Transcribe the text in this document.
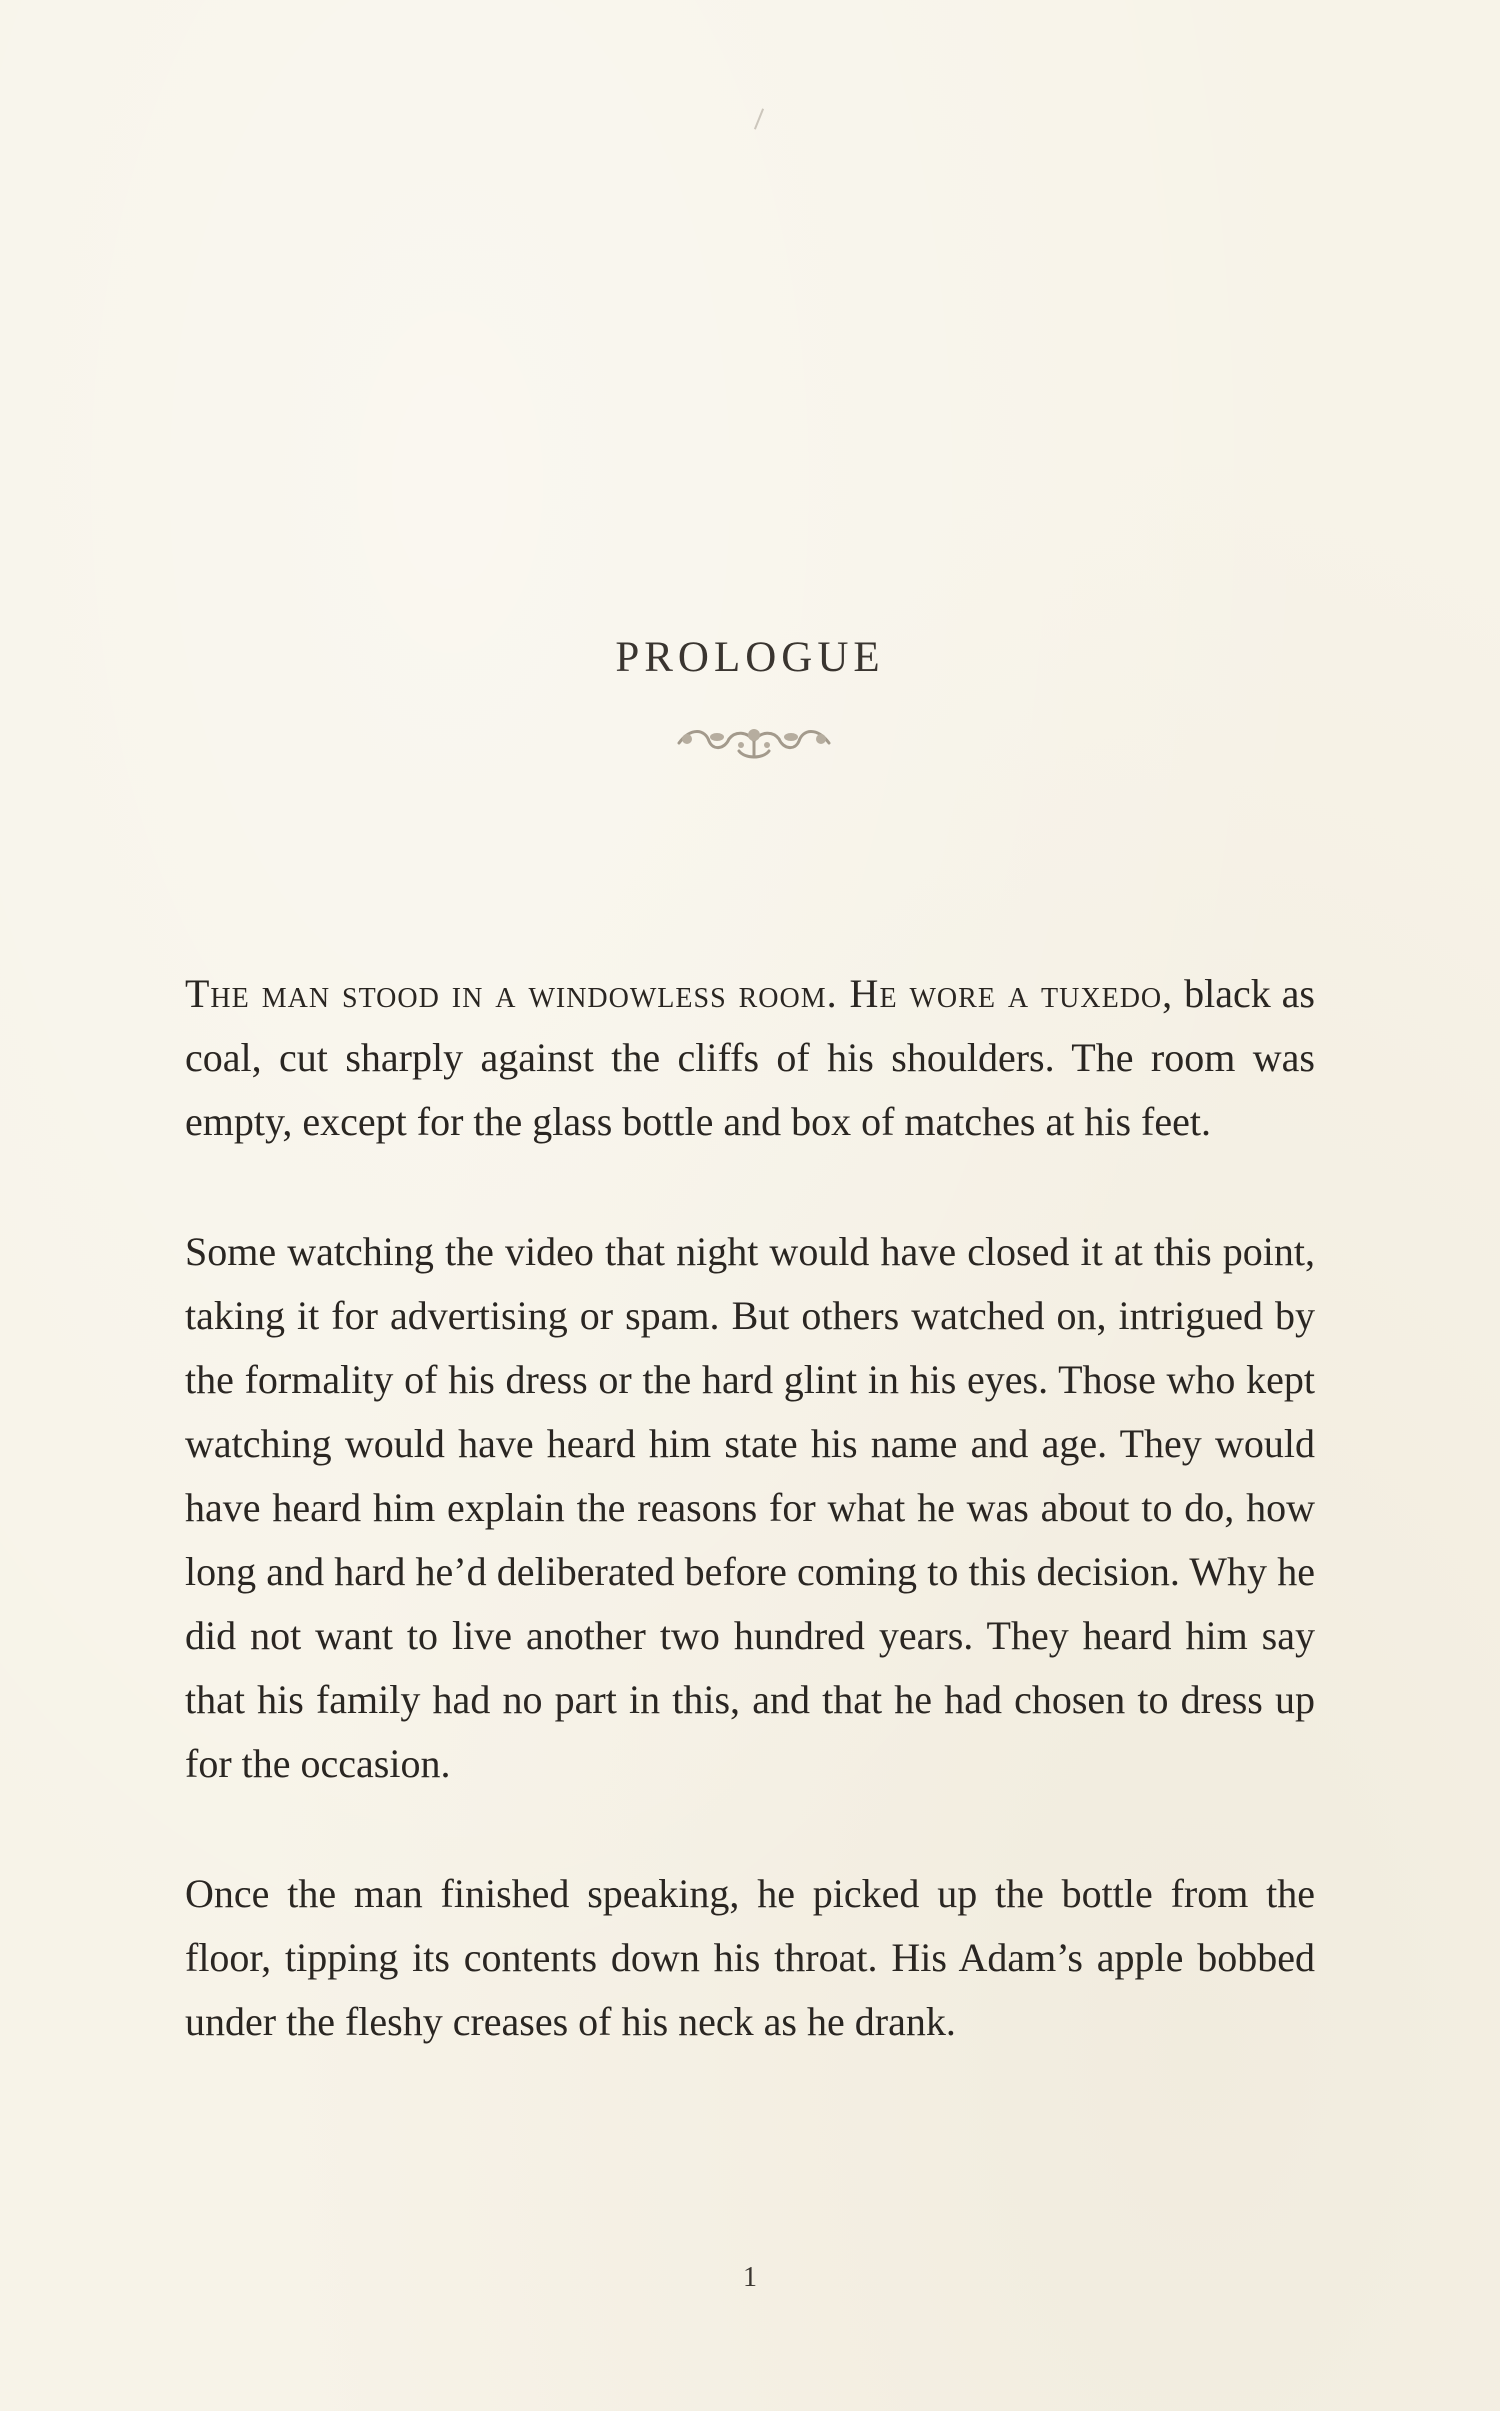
PROLOGUE

The man stood in a windowless room. He wore a tuxedo, black as coal, cut sharply against the cliffs of his shoulders. The room was empty, except for the glass bottle and box of matches at his feet.

Some watching the video that night would have closed it at this point, taking it for advertising or spam. But others watched on, intrigued by the formality of his dress or the hard glint in his eyes. Those who kept watching would have heard him state his name and age. They would have heard him explain the reasons for what he was about to do, how long and hard he’d deliberated before coming to this decision. Why he did not want to live another two hundred years. They heard him say that his family had no part in this, and that he had chosen to dress up for the occasion.

Once the man finished speaking, he picked up the bottle from the floor, tipping its contents down his throat. His Adam’s apple bobbed under the fleshy creases of his neck as he drank.

1
